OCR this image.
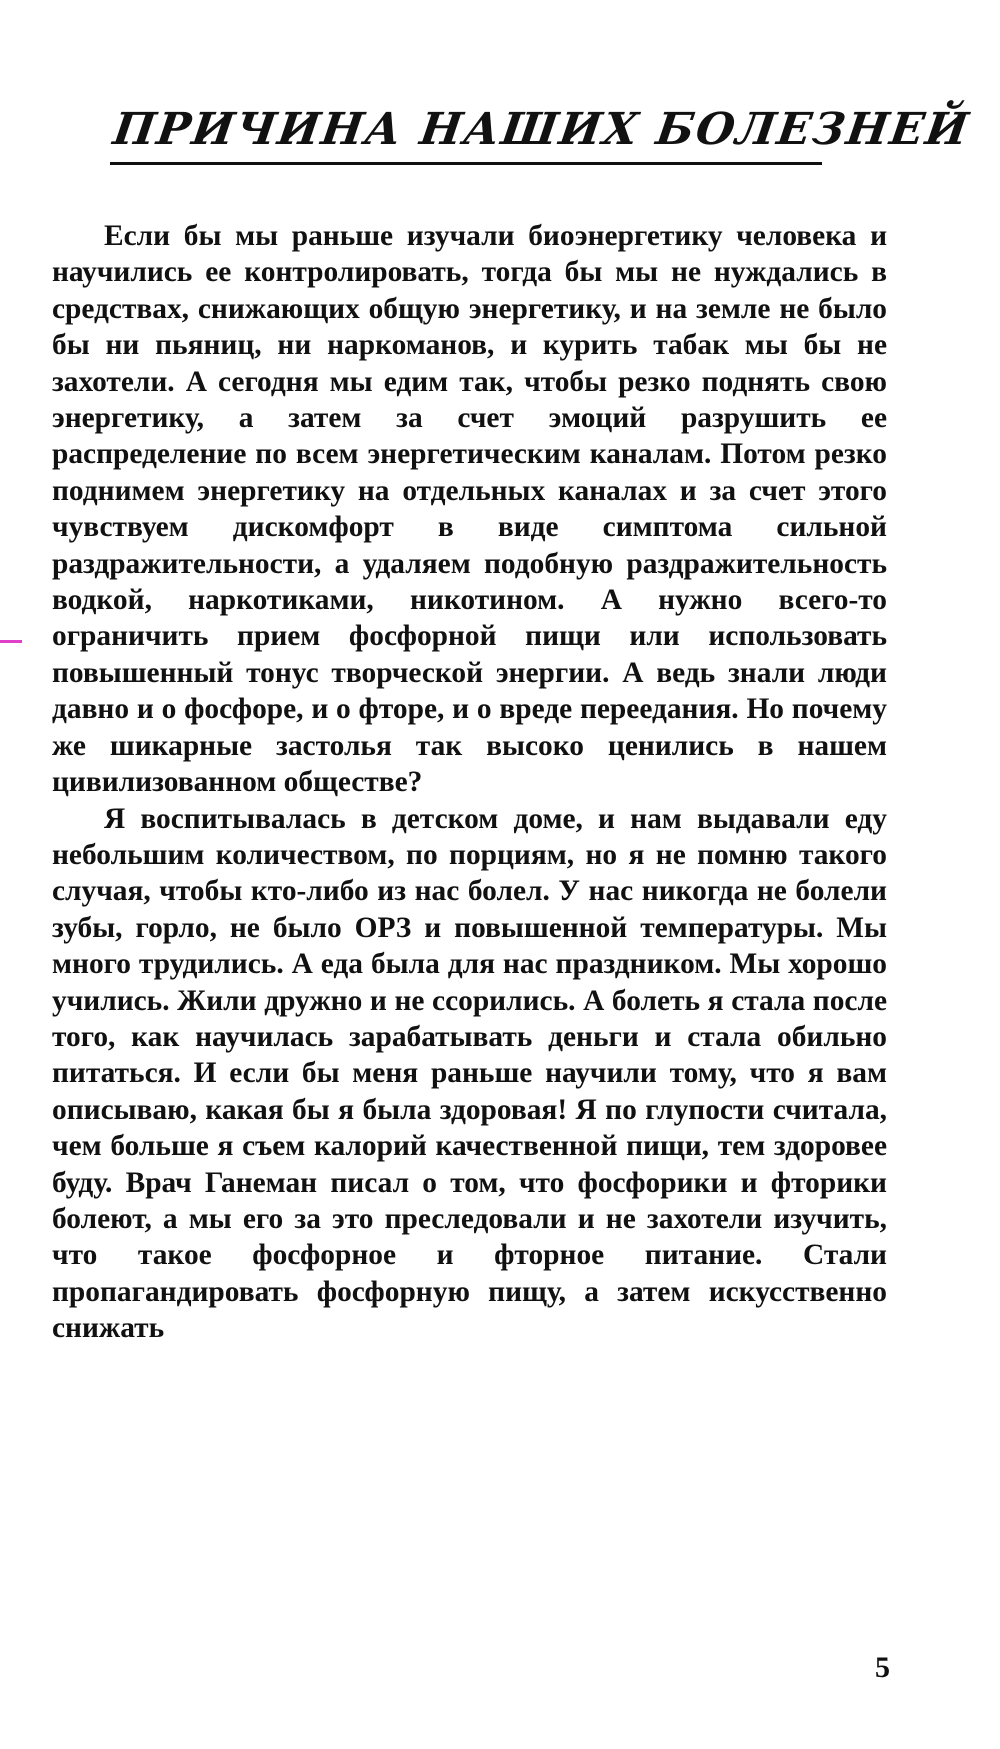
ПРИЧИНА НАШИХ БОЛЕЗНЕЙ

Если бы мы раньше изучали биоэнергетику человека и научились ее контролировать, тогда бы мы не нуждались в средствах, снижающих общую энергетику, и на земле не было бы ни пьяниц, ни наркоманов, и курить табак мы бы не захотели. А сегодня мы едим так, чтобы резко поднять свою энергетику, а затем за счет эмоций разрушить ее распределение по всем энергетическим каналам. Потом резко поднимем энергетику на отдельных каналах и за счет этого чувствуем дискомфорт в виде симптома сильной раздражительности, а удаляем подобную раздражительность водкой, наркотиками, никотином. А нужно всего-то ограничить прием фосфорной пищи или использовать повышенный тонус творческой энергии. А ведь знали люди давно и о фосфоре, и о фторе, и о вреде переедания. Но почему же шикарные застолья так высоко ценились в нашем цивилизованном обществе?

Я воспитывалась в детском доме, и нам выдавали еду небольшим количеством, по порциям, но я не помню такого случая, чтобы кто-либо из нас болел. У нас никогда не болели зубы, горло, не было ОРЗ и повышенной температуры. Мы много трудились. А еда была для нас праздником. Мы хорошо учились. Жили дружно и не ссорились. А болеть я стала после того, как научилась зарабатывать деньги и стала обильно питаться. И если бы меня раньше научили тому, что я вам описываю, какая бы я была здоровая! Я по глупости считала, чем больше я съем калорий качественной пищи, тем здоровее буду. Врач Ганеман писал о том, что фосфорики и фторики болеют, а мы его за это преследовали и не захотели изучить, что такое фосфорное и фторное питание. Стали пропагандировать фосфорную пищу, а затем искусственно снижать

5
